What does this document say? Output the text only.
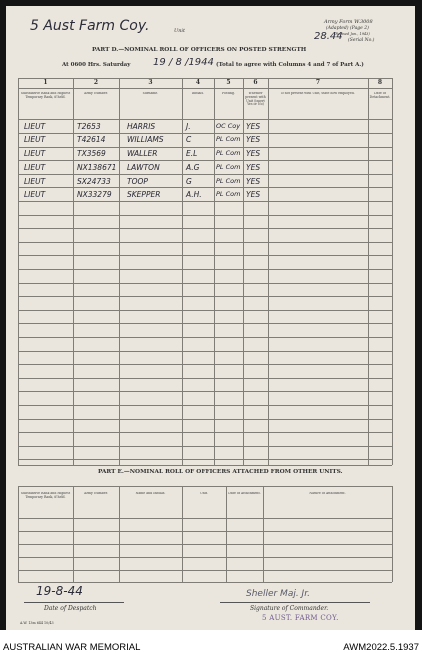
5 Aust Farm Coy.	Unit
Army Form W.3008
(Adapted) (Page 2)
(Revised Jan., 1943)
28.44 (Serial No.)
PART D.—NOMINAL ROLL OF OFFICERS ON POSTED STRENGTH
At 0600 Hrs. Saturday 19 / 8 /1944 (Total to agree with Columns 4 and 7 of Part A.)
1	2	3	4	5	6	7	8
Substantive Rank and Highest Temporary Rank, if held.
Army Number.	Surname.	Initials.	Posting.	Whether present with Unit (insert Yes or No)
If not present with Unit, state how employed.	Date of Detachment.
LIEUT	T2653	HARRIS	J.	OC Coy YES
LIEUT	T42614	WILLIAMS	C	PL Com YES
LIEUT	TX3569	WALLER	E.L	PL Com YES
LIEUT	NX138671 LAWTON	A.G	PL Com YES
LIEUT	SX24733 TOOP	G	PL Com YES
LIEUT	NX33279 SKEPPER	A.H. PL Com YES
PART E.—NOMINAL ROLL OF OFFICERS ATTACHED FROM OTHER UNITS.
Substantive Rank and Highest Temporary Rank, if held.
Army Number.	Name and Initials.	Unit.	Date of Attachment.	Nature of Attachment.
19-8-44
Date of Despatch
A.W. 13m 644 10/43
Sheller Maj. Jr.
Signature of Commander.
5 AUST. FARM COY.
AUSTRALIAN WAR MEMORIAL	AWM2022.5.1937
